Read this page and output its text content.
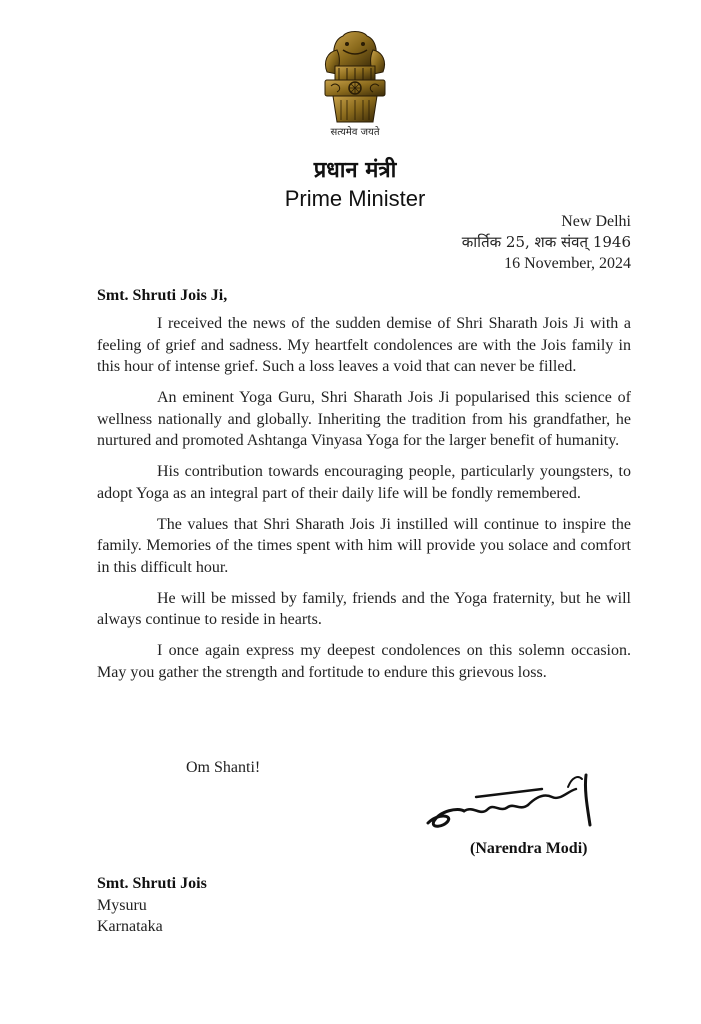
सत्यमेव जयते
प्रधान मंत्री
Prime Minister
New Delhi
कार्तिक 25, शक संवत् 1946
16 November, 2024
Smt. Shruti Jois Ji,

I received the news of the sudden demise of Shri Sharath Jois Ji with a feeling of grief and sadness. My heartfelt condolences are with the Jois family in this hour of intense grief. Such a loss leaves a void that can never be filled.

An eminent Yoga Guru, Shri Sharath Jois Ji popularised this science of wellness nationally and globally. Inheriting the tradition from his grandfather, he nurtured and promoted Ashtanga Vinyasa Yoga for the larger benefit of humanity.

His contribution towards encouraging people, particularly youngsters, to adopt Yoga as an integral part of their daily life will be fondly remembered.

The values that Shri Sharath Jois Ji instilled will continue to inspire the family. Memories of the times spent with him will provide you solace and comfort in this difficult hour.

He will be missed by family, friends and the Yoga fraternity, but he will always continue to reside in hearts.

I once again express my deepest condolences on this solemn occasion. May you gather the strength and fortitude to endure this grievous loss.

Om Shanti!
(Narendra Modi)
Smt. Shruti Jois
Mysuru
Karnataka
